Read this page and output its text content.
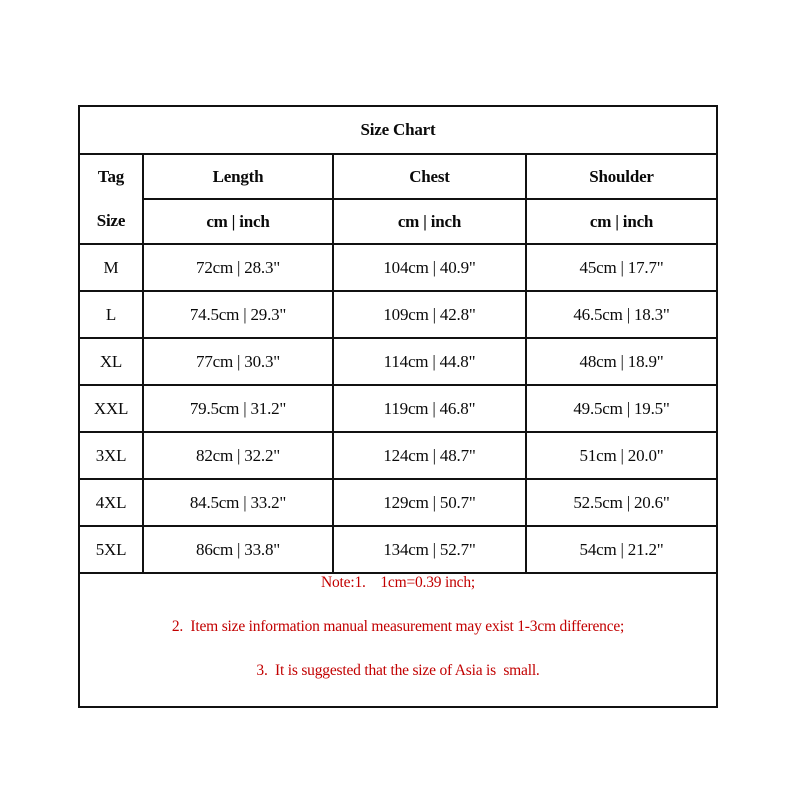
Size Chart			

Tag
Size	Length	Chest	Shoulder
	cm | inch	cm | inch	cm | inch
M	72cm | 28.3"	104cm | 40.9"	45cm | 17.7"
L	74.5cm | 29.3"	109cm | 42.8"	46.5cm | 18.3"
XL	77cm | 30.3"	114cm | 44.8"	48cm | 18.9"
XXL	79.5cm | 31.2"	119cm | 46.8"	49.5cm | 19.5"
3XL	82cm | 32.2"	124cm | 48.7"	51cm | 20.0"
4XL	84.5cm | 33.2"	129cm | 50.7"	52.5cm | 20.6"
5XL	86cm | 33.8"	134cm | 52.7"	54cm | 21.2"

Note:1.    1cm=0.39 inch;
2.  Item size information manual measurement may exist 1-3cm difference;
3.  It is suggested that the size of Asia is  small.			
